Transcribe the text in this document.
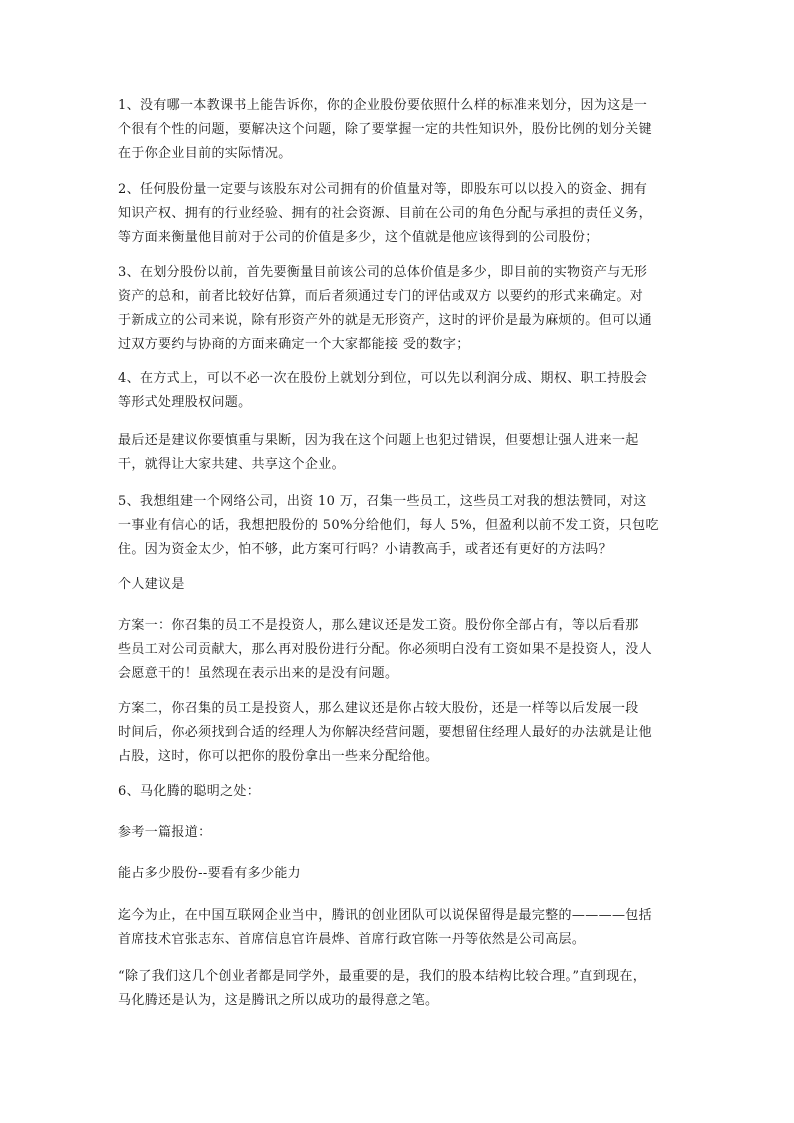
1、没有哪一本教课书上能告诉你，你的企业股份要依照什么样的标准来划分，因为这是一
个很有个性的问题，要解决这个问题，除了要掌握一定的共性知识外，股份比例的划分关键
在于你企业目前的实际情况。

2、任何股份量一定要与该股东对公司拥有的价值量对等，即股东可以以投入的资金、拥有
知识产权、拥有的行业经验、拥有的社会资源、目前在公司的角色分配与承担的责任义务，
等方面来衡量他目前对于公司的价值是多少，这个值就是他应该得到的公司股份；

3、在划分股份以前，首先要衡量目前该公司的总体价值是多少，即目前的实物资产与无形
资产的总和，前者比较好估算，而后者须通过专门的评估或双方 以要约的形式来确定。对
于新成立的公司来说，除有形资产外的就是无形资产，这时的评价是最为麻烦的。但可以通
过双方要约与协商的方面来确定一个大家都能接 受的数字；

4、在方式上，可以不必一次在股份上就划分到位，可以先以利润分成、期权、职工持股会
等形式处理股权问题。

最后还是建议你要慎重与果断，因为我在这个问题上也犯过错误，但要想让强人进来一起
干，就得让大家共建、共享这个企业。

5、我想组建一个网络公司，出资 10 万，召集一些员工，这些员工对我的想法赞同，对这
一事业有信心的话，我想把股份的 50%分给他们，每人 5%，但盈利以前不发工资，只包吃
住。因为资金太少，怕不够，此方案可行吗？小请教高手，或者还有更好的方法吗？

个人建议是

方案一：你召集的员工不是投资人，那么建议还是发工资。股份你全部占有，等以后看那
些员工对公司贡献大，那么再对股份进行分配。你必须明白没有工资如果不是投资人，没人
会愿意干的！虽然现在表示出来的是没有问题。

方案二，你召集的员工是投资人，那么建议还是你占较大股份，还是一样等以后发展一段
时间后，你必须找到合适的经理人为你解决经营问题，要想留住经理人最好的办法就是让他
占股，这时，你可以把你的股份拿出一些来分配给他。

6、马化腾的聪明之处：

参考一篇报道：

能占多少股份--要看有多少能力

迄今为止，在中国互联网企业当中，腾讯的创业团队可以说保留得是最完整的————包括
首席技术官张志东、首席信息官许晨烨、首席行政官陈一丹等依然是公司高层。

“除了我们这几个创业者都是同学外，最重要的是，我们的股本结构比较合理。”直到现在，
马化腾还是认为，这是腾讯之所以成功的最得意之笔。
